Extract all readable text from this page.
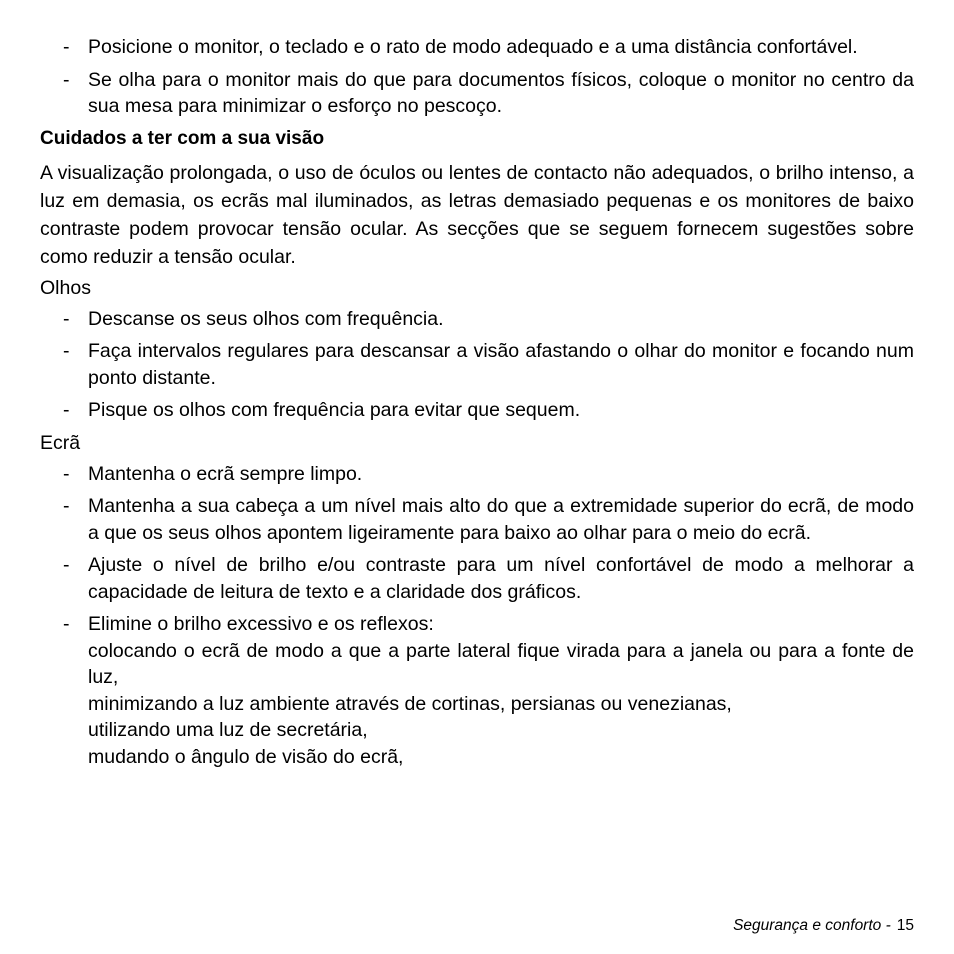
- Posicione o monitor, o teclado e o rato de modo adequado e a uma distância confortável.
- Se olha para o monitor mais do que para documentos físicos, coloque o monitor no centro da sua mesa para minimizar o esforço no pescoço.
Cuidados a ter com a sua visão
A visualização prolongada, o uso de óculos ou lentes de contacto não adequados, o brilho intenso, a luz em demasia, os ecrãs mal iluminados, as letras demasiado pequenas e os monitores de baixo contraste podem provocar tensão ocular. As secções que se seguem fornecem sugestões sobre como reduzir a tensão ocular.
Olhos
- Descanse os seus olhos com frequência.
- Faça intervalos regulares para descansar a visão afastando o olhar do monitor e focando num ponto distante.
- Pisque os olhos com frequência para evitar que sequem.
Ecrã
- Mantenha o ecrã sempre limpo.
- Mantenha a sua cabeça a um nível mais alto do que a extremidade superior do ecrã, de modo a que os seus olhos apontem ligeiramente para baixo ao olhar para o meio do ecrã.
- Ajuste o nível de brilho e/ou contraste para um nível confortável de modo a melhorar a capacidade de leitura de texto e a claridade dos gráficos.
- Elimine o brilho excessivo e os reflexos:
colocando o ecrã de modo a que a parte lateral fique virada para a janela ou para a fonte de luz,
minimizando a luz ambiente através de cortinas, persianas ou venezianas,
utilizando uma luz de secretária,
mudando o ângulo de visão do ecrã,
Segurança e conforto - 15
